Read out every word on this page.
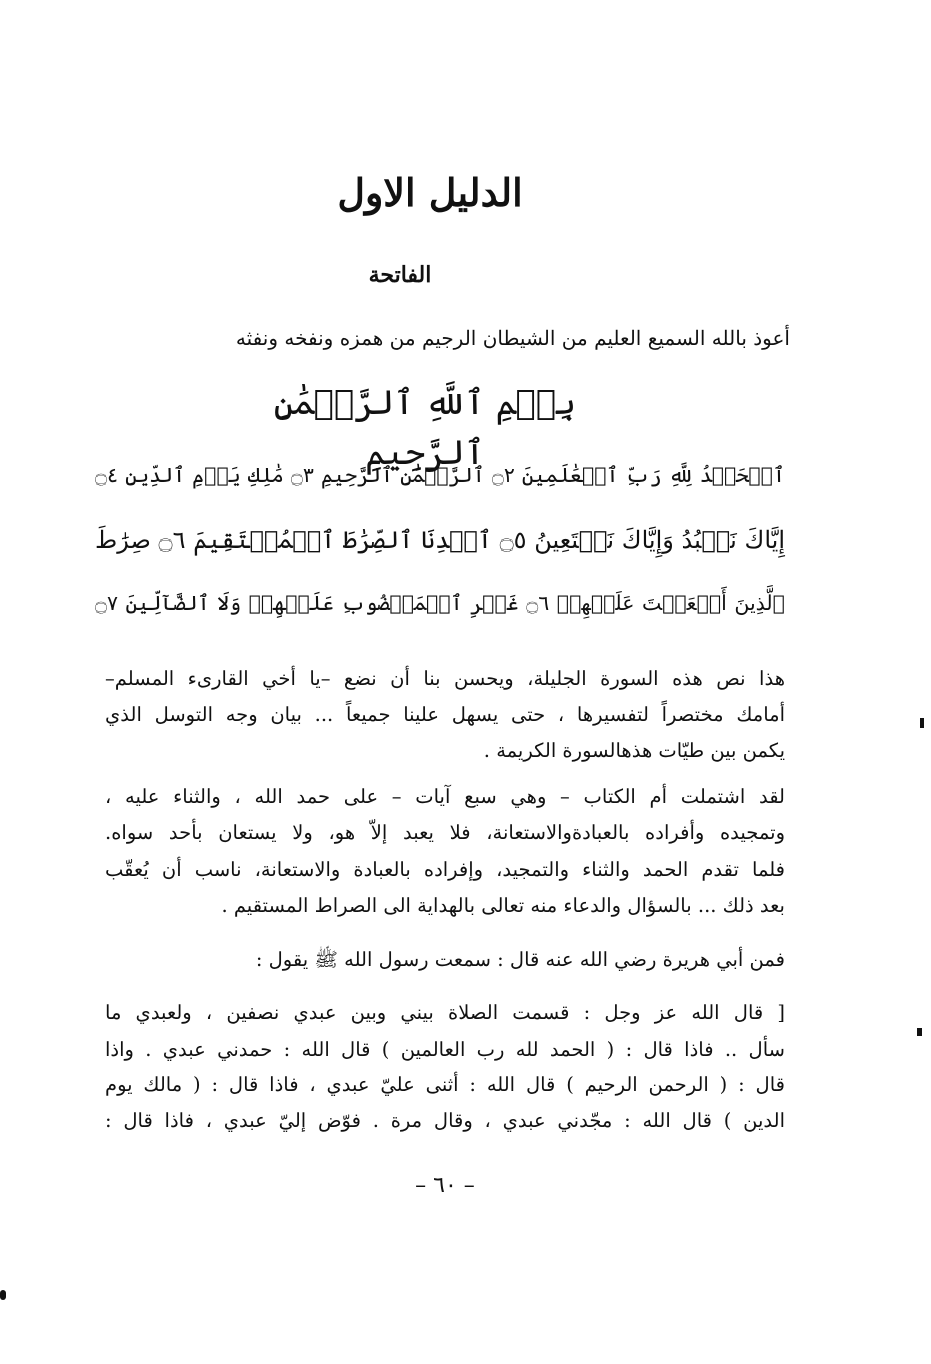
الدليل الاول
الفاتحة
أعوذ بالله السميع العليم من الشيطان الرجيم من همزه ونفخه ونفثه
بِسۡمِ ٱللَّهِ ٱلرَّحۡمَٰنِ ٱلرَّحِيمِ
ٱلۡحَمۡدُ لِلَّهِ رَبِّ ٱلۡعَٰلَمِينَ ۝٢ ٱلرَّحۡمَٰنِ ٱلرَّحِيمِ ۝٣ مَٰلِكِ يَوۡمِ ٱلدِّينِ ۝٤
إِيَّاكَ نَعۡبُدُ وَإِيَّاكَ نَسۡتَعِينُ ۝٥ ٱهۡدِنَا ٱلصِّرَٰطَ ٱلۡمُسۡتَقِيمَ ۝٦ صِرَٰطَ
ٱلَّذِينَ أَنۡعَمۡتَ عَلَيۡهِمۡ ۝٦ غَيۡرِ ٱلۡمَغۡضُوبِ عَلَيۡهِمۡ وَلَا ٱلضَّآلِّينَ ۝٧
هذا نص هذه السورة الجليلة، ويحسن بنا أن نضع –يا أخي القارىء المسلم–
أمامك مختصراً لتفسيرها ، حتى يسهل علينا جميعاً ... بيان وجه التوسل الذي
يكمن بين طيّات هذهالسورة الكريمة .
لقد اشتملت أم الكتاب – وهي سبع آيات – على حمد الله ، والثناء عليه ،
وتمجيده وأفراده بالعبادةوالاستعانة، فلا يعبد إلاّ هو، ولا يستعان بأحد سواه.
فلما تقدم الحمد والثناء والتمجيد، وإفراده بالعبادة والاستعانة، ناسب أن يُعقّب
بعد ذلك ... بالسؤال والدعاء منه تعالى بالهداية الى الصراط المستقيم .
فمن أبي هريرة رضي الله عنه قال : سمعت رسول الله ﷺ يقول :
[ قال الله عز وجل : قسمت الصلاة بيني وبين عبدي نصفين ، ولعبدي ما
سأل .. فاذا قال : ( الحمد لله رب العالمين ) قال الله : حمدني عبدي . واذا
قال : ( الرحمن الرحيم ) قال الله : أثنى عليّ عبدي ، فاذا قال : ( مالك يوم
الدين ) قال الله : مجّدني عبدي ، وقال مرة . فوّض إليّ عبدي ، فاذا قال :
– ٦٠ –
